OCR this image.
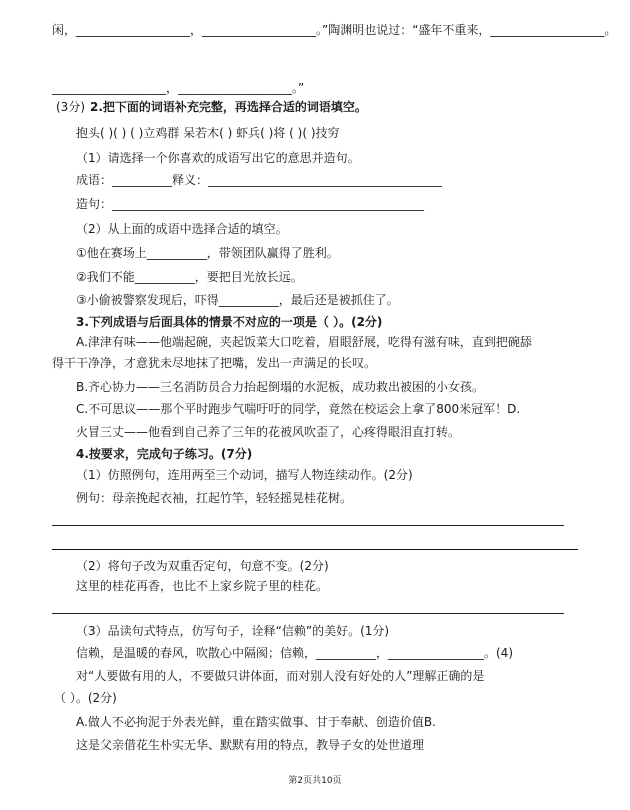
闲，___________________，___________________。”陶渊明也说过：“盛年不重来，___________________。
___________________，___________________。”
(3分) 2.把下面的词语补充完整，再选择合适的词语填空。
抱头( )( ) ( )立鸡群 呆若木( ) 虾兵( )将 ( )( )技穷
（1）请选择一个你喜欢的成语写出它的意思并造句。
成语：__________释义：_______________________________________
造句：____________________________________________________
（2）从上面的成语中选择合适的填空。
①他在赛场上__________，带领团队赢得了胜利。
②我们不能__________，要把目光放长远。
③小偷被警察发现后，吓得__________，最后还是被抓住了。
3.下列成语与后面具体的情景不对应的一项是（ ）。(2分)
A.津津有味——他端起碗，夹起饭菜大口吃着，眉眼舒展，吃得有滋有味，直到把碗舔
得干干净净，才意犹未尽地抹了把嘴，发出一声满足的长叹。
B.齐心协力——三名消防员合力抬起倒塌的水泥板，成功救出被困的小女孩。
C.不可思议——那个平时跑步气喘吁吁的同学，竟然在校运会上拿了800米冠军！D.
火冒三丈——他看到自己养了三年的花被风吹歪了，心疼得眼泪直打转。
4.按要求，完成句子练习。(7分)
（1）仿照例句，连用两至三个动词，描写人物连续动作。(2分)
例句：母亲挽起衣袖，扛起竹竿，轻轻摇晃桂花树。
（2）将句子改为双重否定句，句意不变。(2分)
这里的桂花再香，也比不上家乡院子里的桂花。
（3）品读句式特点，仿写句子，诠释“信赖”的美好。(1分)
信赖，是温暖的春风，吹散心中隔阂；信赖，__________，________________。(4)
对“人要做有用的人，不要做只讲体面，而对别人没有好处的人”理解正确的是
（ ）。(2分)
A.做人不必拘泥于外表光鲜，重在踏实做事、甘于奉献、创造价值B.
这是父亲借花生朴实无华、默默有用的特点，教导子女的处世道理
第2页共10页
